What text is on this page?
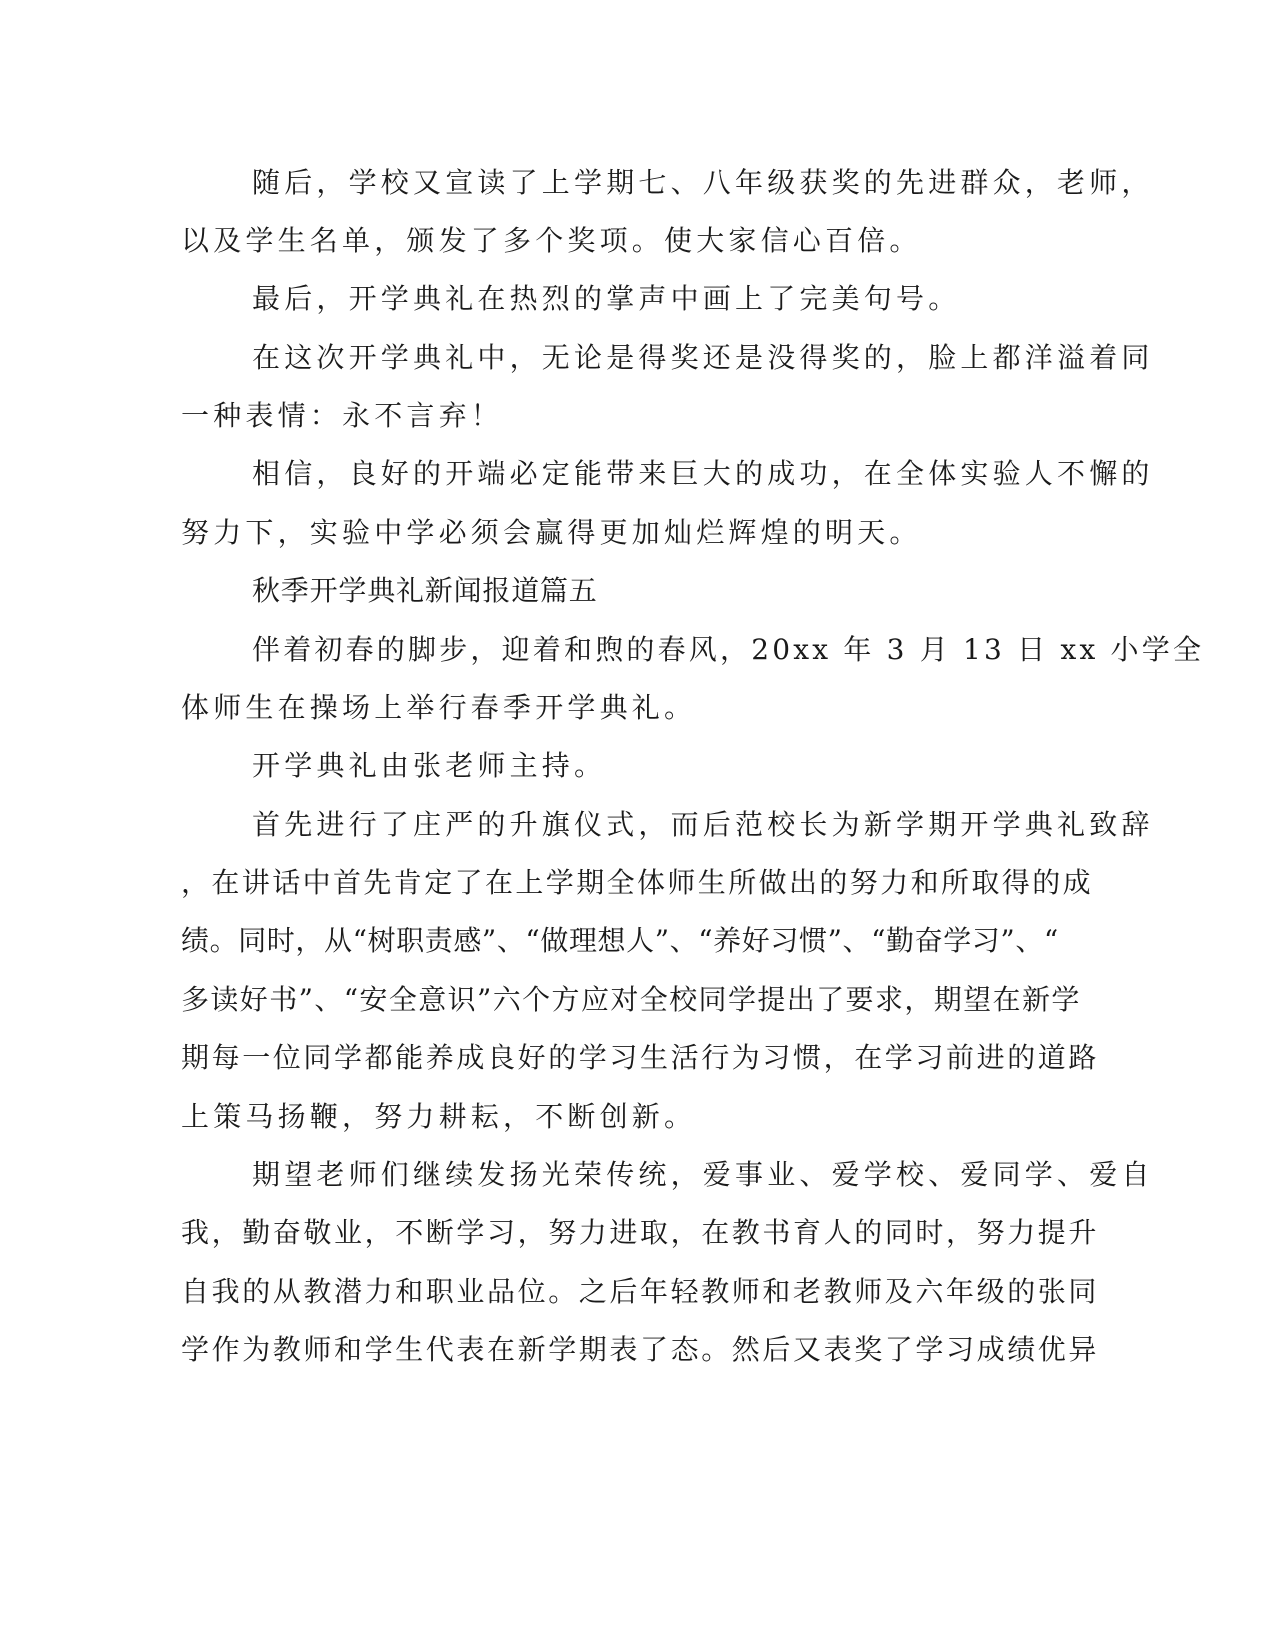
随后，学校又宣读了上学期七、八年级获奖的先进群众，老师，

以及学生名单，颁发了多个奖项。使大家信心百倍。

最后，开学典礼在热烈的掌声中画上了完美句号。

在这次开学典礼中，无论是得奖还是没得奖的，脸上都洋溢着同

一种表情：永不言弃！

相信，良好的开端必定能带来巨大的成功，在全体实验人不懈的

努力下，实验中学必须会赢得更加灿烂辉煌的明天。

秋季开学典礼新闻报道篇五

伴着初春的脚步，迎着和煦的春风，20xx 年 3 月 13 日 xx 小学全

体师生在操场上举行春季开学典礼。

开学典礼由张老师主持。

首先进行了庄严的升旗仪式，而后范校长为新学期开学典礼致辞

，在讲话中首先肯定了在上学期全体师生所做出的努力和所取得的成

绩。同时，从“树职责感”、“做理想人”、“养好习惯”、“勤奋学习”、“

多读好书”、“安全意识”六个方应对全校同学提出了要求，期望在新学

期每一位同学都能养成良好的学习生活行为习惯，在学习前进的道路

上策马扬鞭，努力耕耘，不断创新。

期望老师们继续发扬光荣传统，爱事业、爱学校、爱同学、爱自

我，勤奋敬业，不断学习，努力进取，在教书育人的同时，努力提升

自我的从教潜力和职业品位。之后年轻教师和老教师及六年级的张同

学作为教师和学生代表在新学期表了态。然后又表奖了学习成绩优异
